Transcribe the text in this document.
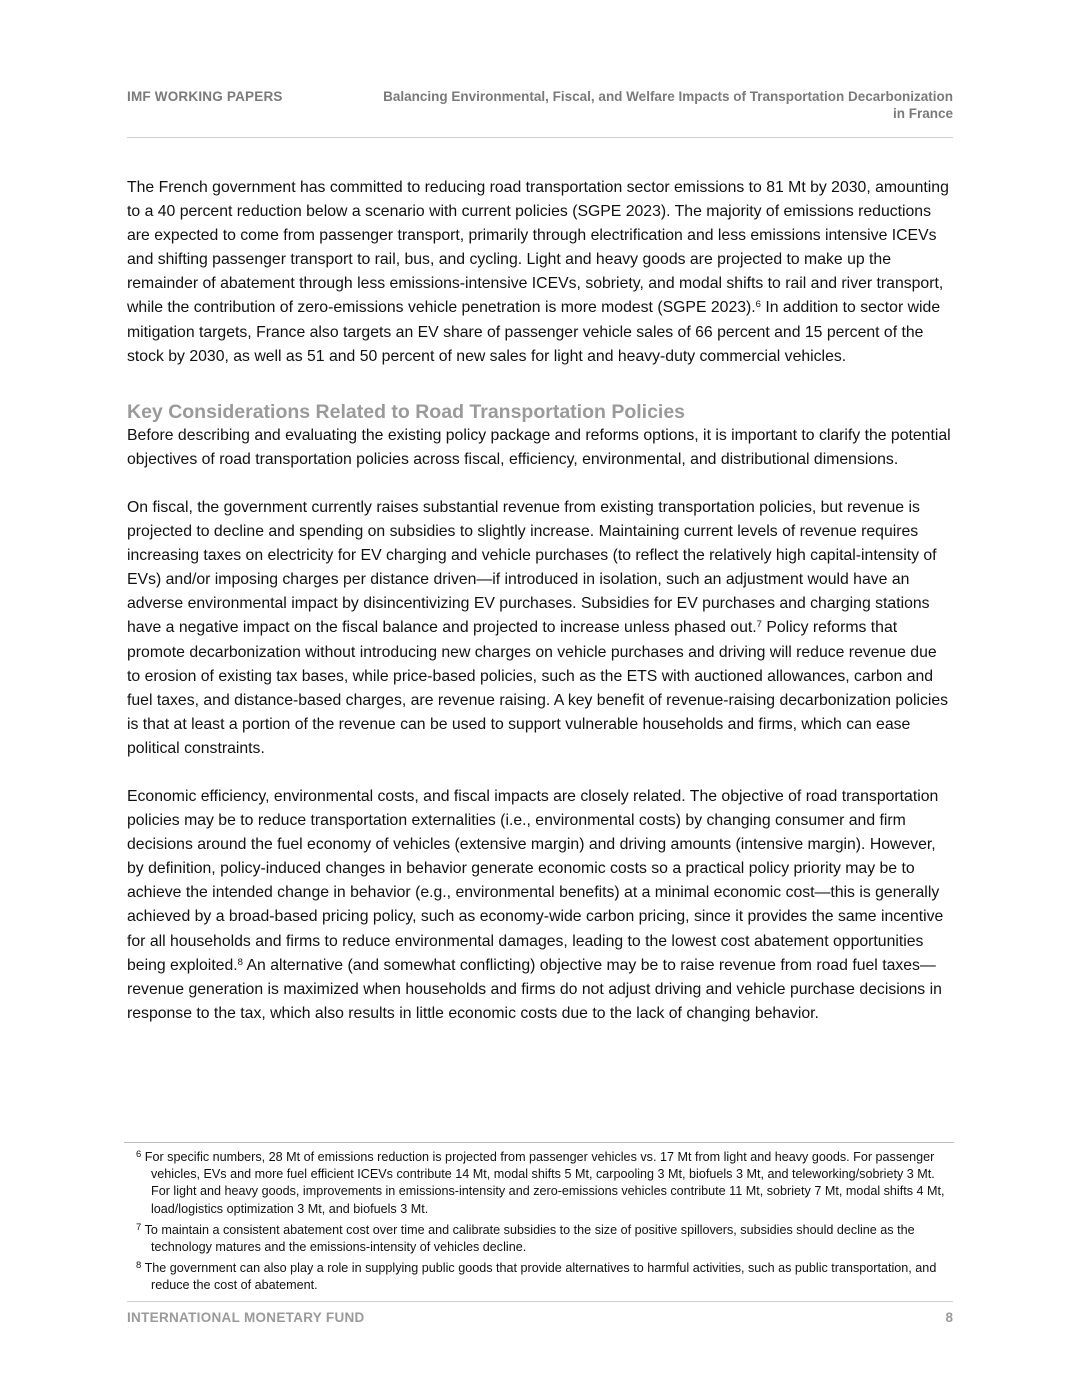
IMF WORKING PAPERS	Balancing Environmental, Fiscal, and Welfare Impacts of Transportation Decarbonization
in France

The French government has committed to reducing road transportation sector emissions to 81 Mt by 2030, amounting to a 40 percent reduction below a scenario with current policies (SGPE 2023). The majority of emissions reductions are expected to come from passenger transport, primarily through electrification and less emissions intensive ICEVs and shifting passenger transport to rail, bus, and cycling. Light and heavy goods are projected to make up the remainder of abatement through less emissions-intensive ICEVs, sobriety, and modal shifts to rail and river transport, while the contribution of zero-emissions vehicle penetration is more modest (SGPE 2023).$^6$ In addition to sector wide mitigation targets, France also targets an EV share of passenger vehicle sales of 66 percent and 15 percent of the stock by 2030, as well as 51 and 50 percent of new sales for light and heavy-duty commercial vehicles.

Key Considerations Related to Road Transportation Policies

Before describing and evaluating the existing policy package and reforms options, it is important to clarify the potential objectives of road transportation policies across fiscal, efficiency, environmental, and distributional dimensions.

On fiscal, the government currently raises substantial revenue from existing transportation policies, but revenue is projected to decline and spending on subsidies to slightly increase. Maintaining current levels of revenue requires increasing taxes on electricity for EV charging and vehicle purchases (to reflect the relatively high capital-intensity of EVs) and/or imposing charges per distance driven—if introduced in isolation, such an adjustment would have an adverse environmental impact by disincentivizing EV purchases. Subsidies for EV purchases and charging stations have a negative impact on the fiscal balance and projected to increase unless phased out.$^7$ Policy reforms that promote decarbonization without introducing new charges on vehicle purchases and driving will reduce revenue due to erosion of existing tax bases, while price-based policies, such as the ETS with auctioned allowances, carbon and fuel taxes, and distance-based charges, are revenue raising. A key benefit of revenue-raising decarbonization policies is that at least a portion of the revenue can be used to support vulnerable households and firms, which can ease political constraints.

Economic efficiency, environmental costs, and fiscal impacts are closely related. The objective of road transportation policies may be to reduce transportation externalities (i.e., environmental costs) by changing consumer and firm decisions around the fuel economy of vehicles (extensive margin) and driving amounts (intensive margin). However, by definition, policy-induced changes in behavior generate economic costs so a practical policy priority may be to achieve the intended change in behavior (e.g., environmental benefits) at a minimal economic cost—this is generally achieved by a broad-based pricing policy, such as economy-wide carbon pricing, since it provides the same incentive for all households and firms to reduce environmental damages, leading to the lowest cost abatement opportunities being exploited.$^8$ An alternative (and somewhat conflicting) objective may be to raise revenue from road fuel taxes—revenue generation is maximized when households and firms do not adjust driving and vehicle purchase decisions in response to the tax, which also results in little economic costs due to the lack of changing behavior.

$^6$ For specific numbers, 28 Mt of emissions reduction is projected from passenger vehicles vs. 17 Mt from light and heavy goods. For passenger vehicles, EVs and more fuel efficient ICEVs contribute 14 Mt, modal shifts 5 Mt, carpooling 3 Mt, biofuels 3 Mt, and teleworking/sobriety 3 Mt. For light and heavy goods, improvements in emissions-intensity and zero-emissions vehicles contribute 11 Mt, sobriety 7 Mt, modal shifts 4 Mt, load/logistics optimization 3 Mt, and biofuels 3 Mt.

$^7$ To maintain a consistent abatement cost over time and calibrate subsidies to the size of positive spillovers, subsidies should decline as the technology matures and the emissions-intensity of vehicles decline.

$^8$ The government can also play a role in supplying public goods that provide alternatives to harmful activities, such as public transportation, and reduce the cost of abatement.

INTERNATIONAL MONETARY FUND	8
